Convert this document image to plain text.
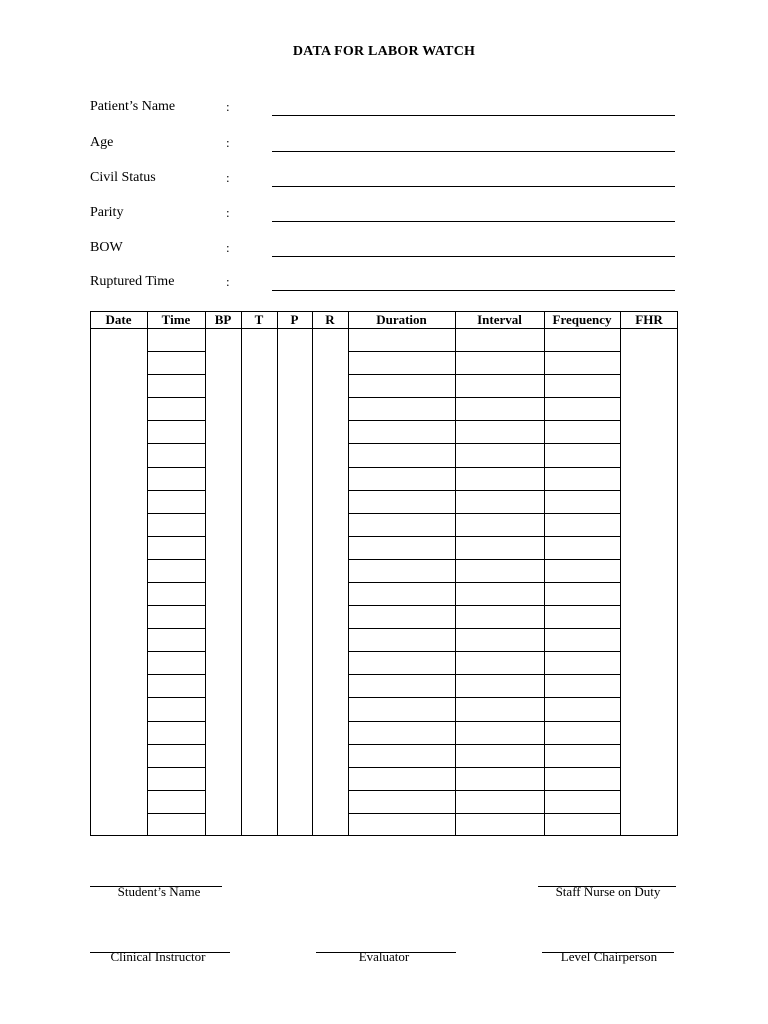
DATA FOR LABOR WATCH
Patient’s Name	:
Age	:
Civil Status	:
Parity	:
BOW	:
Ruptured Time	:
Date	Time	BP	T	P	R	Duration	Interval	Frequency	FHR
Student’s Name	Staff Nurse on Duty
Clinical Instructor	Evaluator	Level Chairperson
